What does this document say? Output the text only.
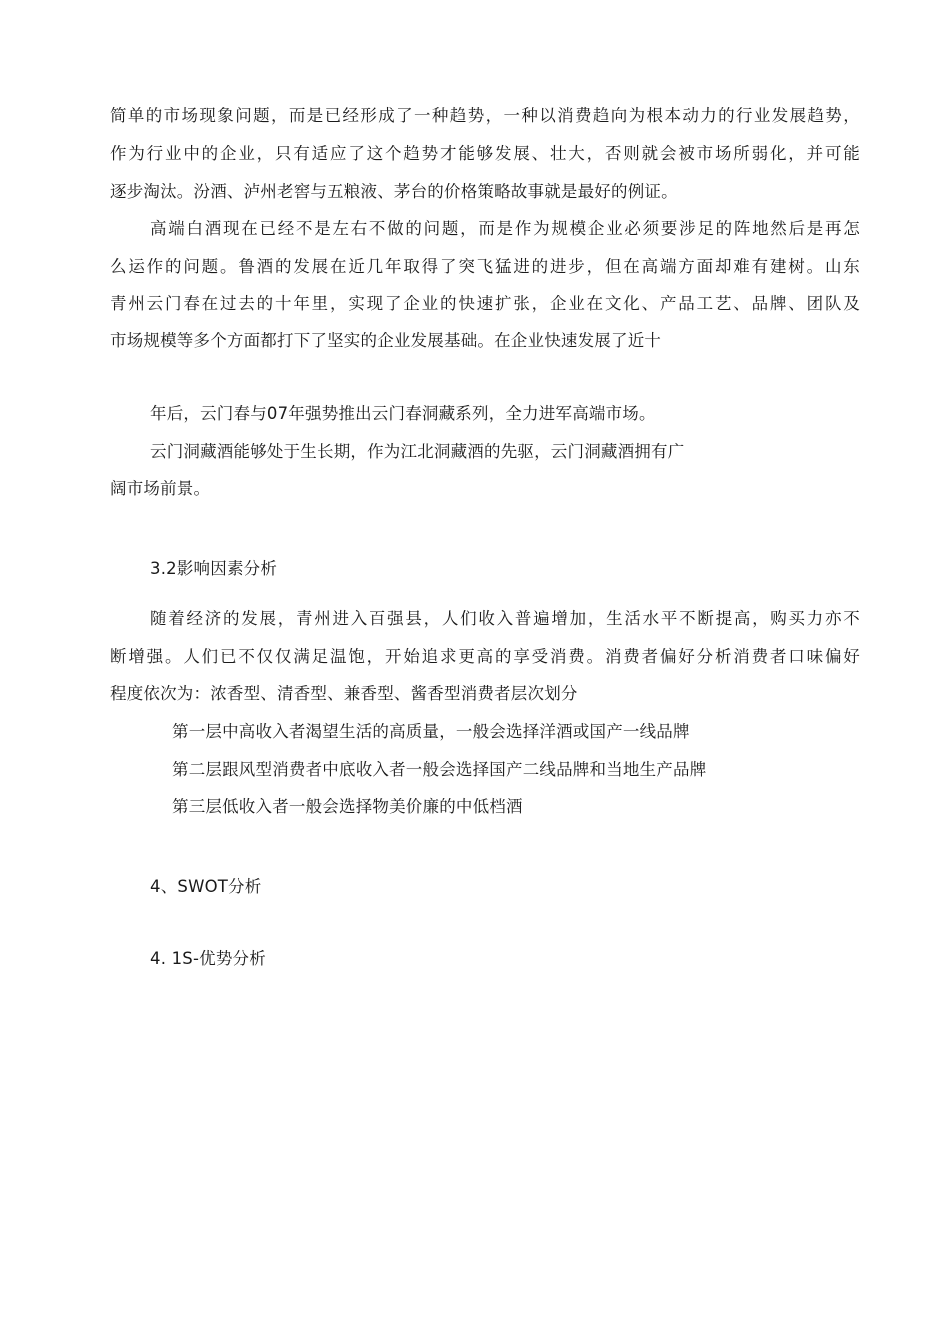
简单的市场现象问题，而是已经形成了一种趋势，一种以消费趋向为根本动力的行业发展趋势，
作为行业中的企业，只有适应了这个趋势才能够发展、壮大，否则就会被市场所弱化，并可能
逐步淘汰。汾酒、泸州老窖与五粮液、茅台的价格策略故事就是最好的例证。
高端白酒现在已经不是左右不做的问题，而是作为规模企业必须要涉足的阵地然后是再怎
么运作的问题。鲁酒的发展在近几年取得了突飞猛进的进步，但在高端方面却难有建树。山东
青州云门春在过去的十年里，实现了企业的快速扩张，企业在文化、产品工艺、品牌、团队及
市场规模等多个方面都打下了坚实的企业发展基础。在企业快速发展了近十
年后，云门春与07年强势推出云门春洞藏系列，全力进军高端市场。
云门洞藏酒能够处于生长期，作为江北洞藏酒的先驱，云门洞藏酒拥有广
阔市场前景。
3.2影响因素分析
随着经济的发展，青州进入百强县，人们收入普遍增加，生活水平不断提高，购买力亦不
断增强。人们已不仅仅满足温饱，开始追求更高的享受消费。消费者偏好分析消费者口味偏好
程度依次为：浓香型、清香型、兼香型、酱香型消费者层次划分
第一层中高收入者渴望生活的高质量，一般会选择洋酒或国产一线品牌
第二层跟风型消费者中底收入者一般会选择国产二线品牌和当地生产品牌
第三层低收入者一般会选择物美价廉的中低档酒
4、SWOT分析
4. 1S-优势分析
